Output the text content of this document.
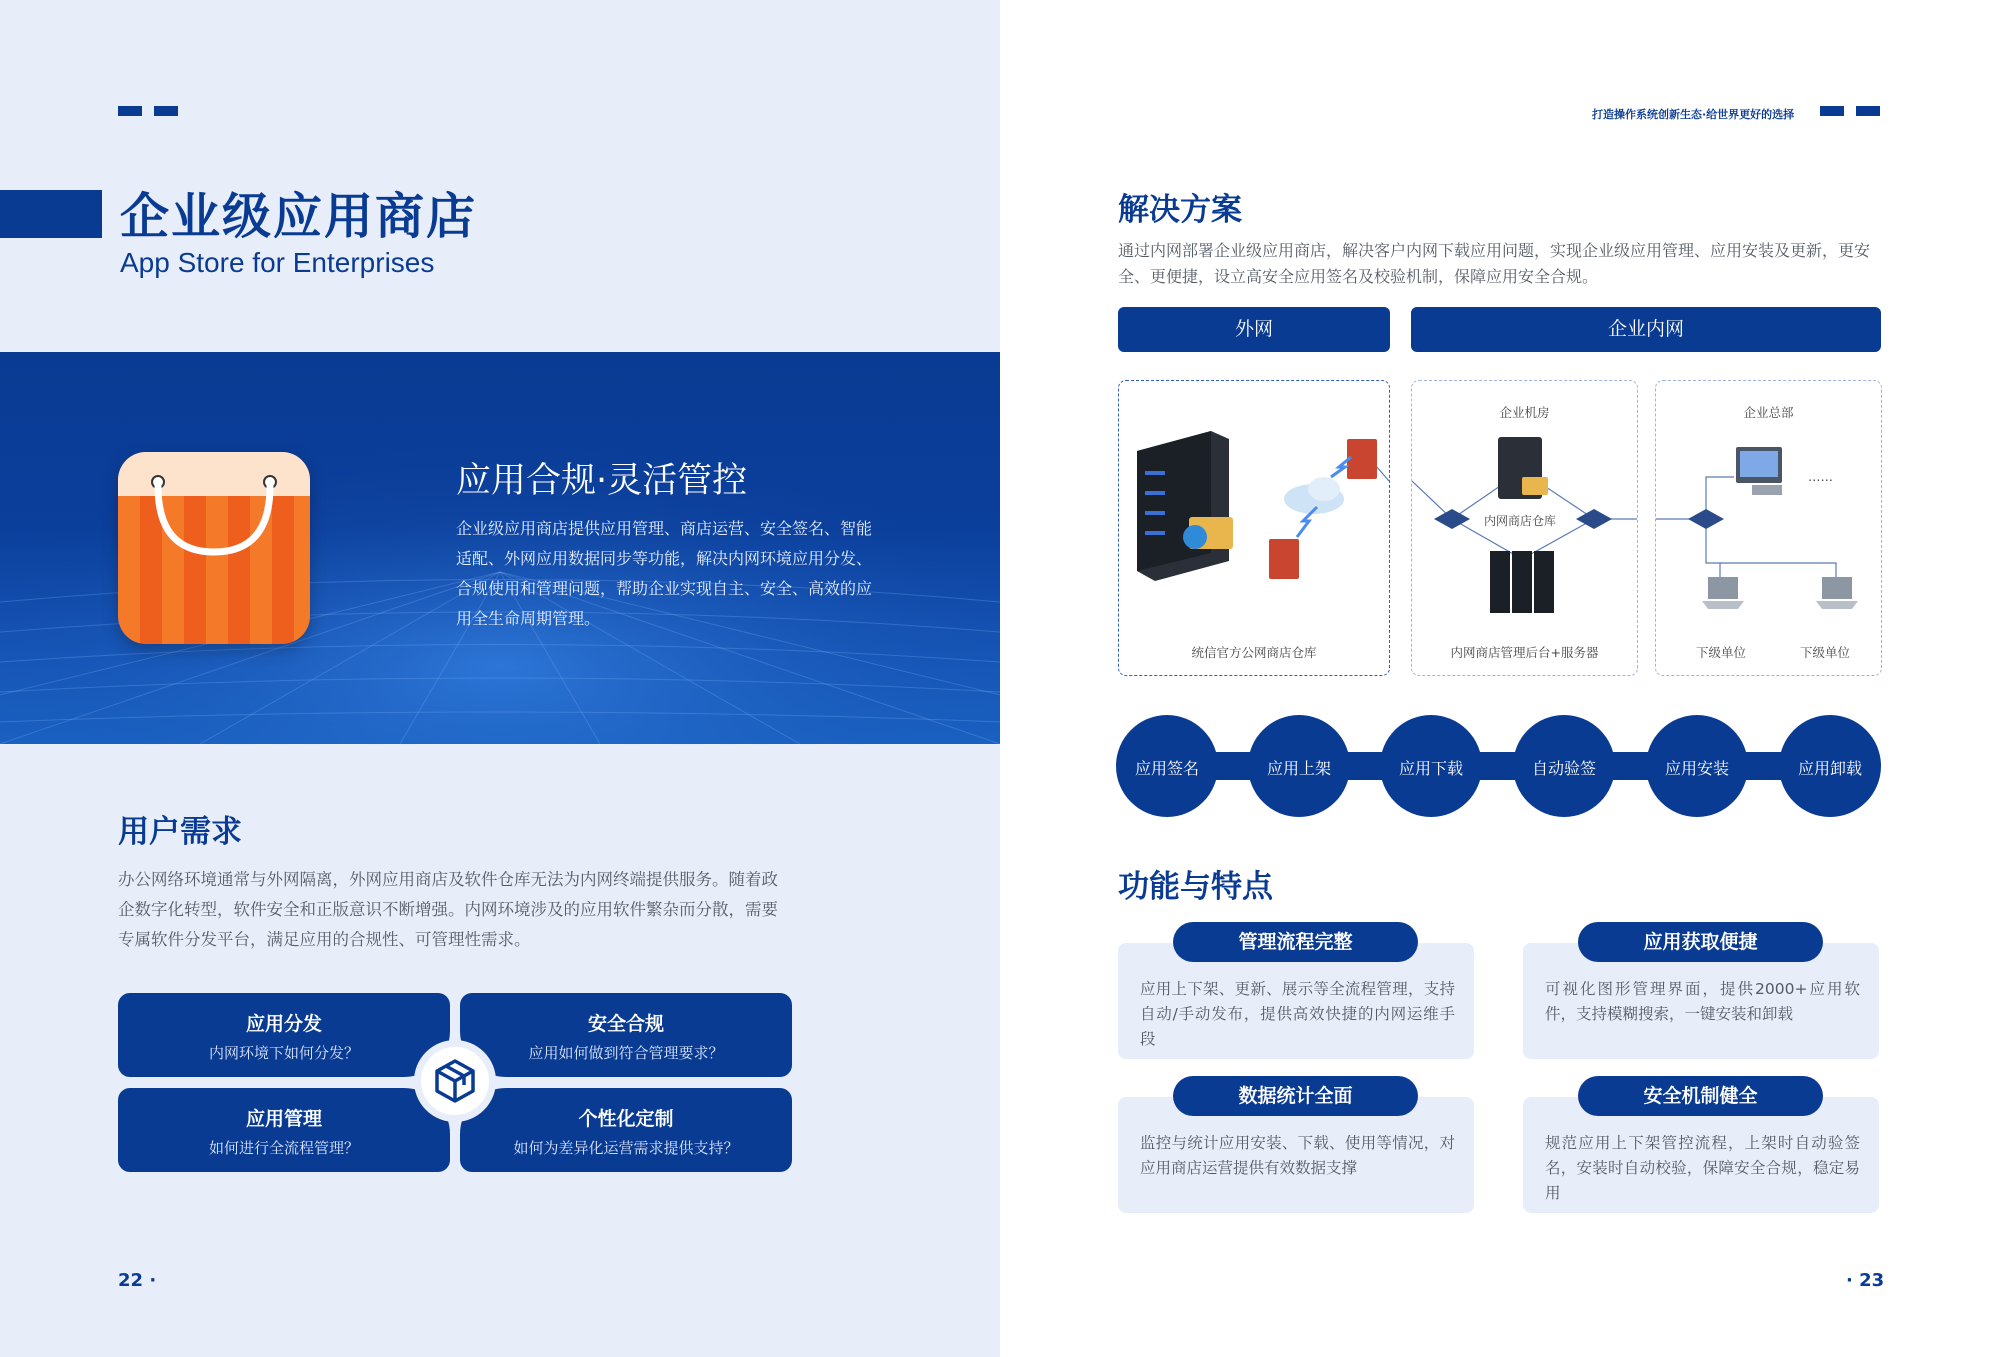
企业级应用商店
App Store for Enterprises
应用合规·灵活管控
企业级应用商店提供应用管理、商店运营、安全签名、智能适配、外网应用数据同步等功能，解决内网环境应用分发、合规使用和管理问题，帮助企业实现自主、安全、高效的应用全生命周期管理。
用户需求
办公网络环境通常与外网隔离，外网应用商店及软件仓库无法为内网终端提供服务。随着政企数字化转型，软件安全和正版意识不断增强。内网环境涉及的应用软件繁杂而分散，需要专属软件分发平台，满足应用的合规性、可管理性需求。
应用分发
内网环境下如何分发？
安全合规
应用如何做到符合管理要求？
应用管理
如何进行全流程管理？
个性化定制
如何为差异化运营需求提供支持？
22 ·
打造操作系统创新生态·给世界更好的选择
解决方案
通过内网部署企业级应用商店，解决客户内网下载应用问题，实现企业级应用管理、应用安装及更新，更安全、更便捷，设立高安全应用签名及校验机制，保障应用安全合规。
外网	企业内网
统信官方公网商店仓库
企业机房
内网商店仓库
内网商店管理后台+服务器
企业总部
……
下级单位	下级单位
应用签名	应用上架	应用下载	自动验签	应用安装	应用卸载
功能与特点
应用上下架、更新、展示等全流程管理，支持自动/手动发布，提供高效快捷的内网运维手段
管理流程完整
可视化图形管理界面，提供2000+应用软件，支持模糊搜索，一键安装和卸载
应用获取便捷
监控与统计应用安装、下载、使用等情况，对应用商店运营提供有效数据支撑
数据统计全面
规范应用上下架管控流程，上架时自动验签名，安装时自动校验，保障安全合规，稳定易用
安全机制健全
· 23
